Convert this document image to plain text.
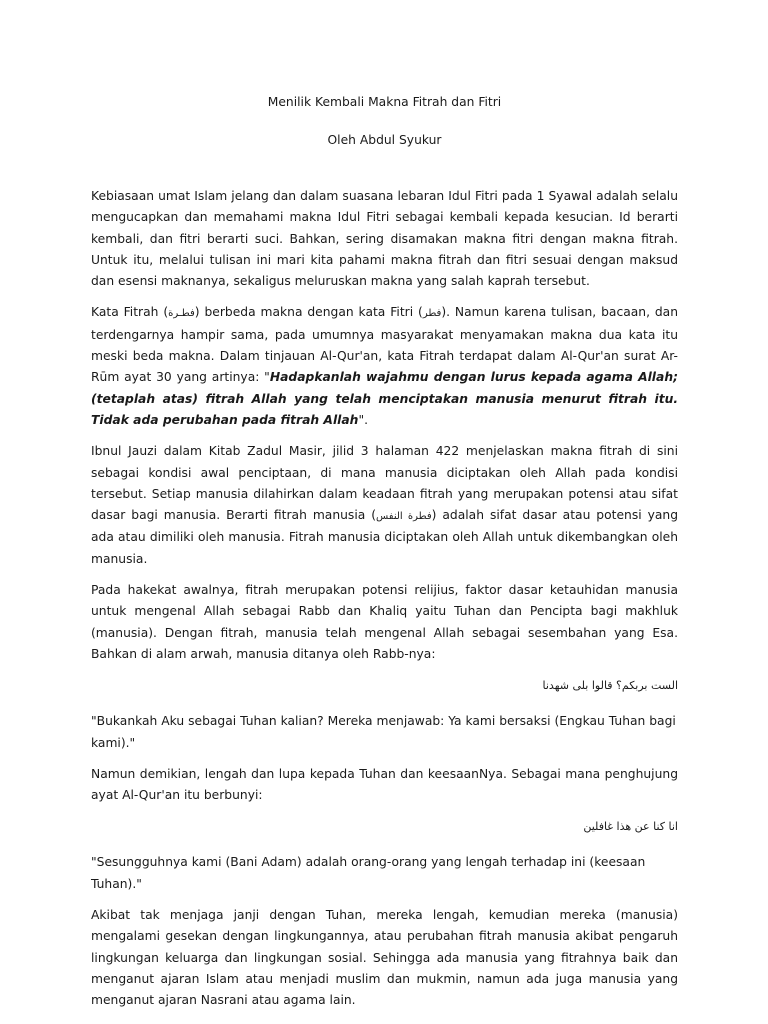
Menilik Kembali Makna Fitrah dan Fitri
Oleh Abdul Syukur

Kebiasaan umat Islam jelang dan dalam suasana lebaran Idul Fitri pada 1 Syawal adalah selalu mengucapkan dan memahami makna Idul Fitri sebagai kembali kepada kesucian. Id berarti kembali, dan fitri berarti suci. Bahkan, sering disamakan makna fitri dengan makna fitrah. Untuk itu, melalui tulisan ini mari kita pahami makna fitrah dan fitri sesuai dengan maksud dan esensi maknanya, sekaligus meluruskan makna yang salah kaprah tersebut.

Kata Fitrah (فطـرة) berbeda makna dengan kata Fitri (فطر). Namun karena tulisan, bacaan, dan terdengarnya hampir sama, pada umumnya masyarakat menyamakan makna dua kata itu meski beda makna. Dalam tinjauan Al-Qur'an, kata Fitrah terdapat dalam Al-Qur'an surat Ar-Rūm ayat 30 yang artinya: "Hadapkanlah wajahmu dengan lurus kepada agama Allah; (tetaplah atas) fitrah Allah yang telah menciptakan manusia menurut fitrah itu. Tidak ada perubahan pada fitrah Allah".

Ibnul Jauzi dalam Kitab Zadul Masir, jilid 3 halaman 422 menjelaskan makna fitrah di sini sebagai kondisi awal penciptaan, di mana manusia diciptakan oleh Allah pada kondisi tersebut. Setiap manusia dilahirkan dalam keadaan fitrah yang merupakan potensi atau sifat dasar bagi manusia. Berarti fitrah manusia (فطرة النفس) adalah sifat dasar atau potensi yang ada atau dimiliki oleh manusia. Fitrah manusia diciptakan oleh Allah untuk dikembangkan oleh manusia.

Pada hakekat awalnya, fitrah merupakan potensi relijius, faktor dasar ketauhidan manusia untuk mengenal Allah sebagai Rabb dan Khaliq yaitu Tuhan dan Pencipta bagi makhluk (manusia). Dengan fitrah, manusia telah mengenal Allah sebagai sesembahan yang Esa. Bahkan di alam arwah, manusia ditanya oleh Rabb-nya:

الست بربكم؟ قالوا بلى شهدنا

"Bukankah Aku sebagai Tuhan kalian? Mereka menjawab: Ya kami bersaksi (Engkau Tuhan bagi kami)."

Namun demikian, lengah dan lupa kepada Tuhan dan keesaanNya. Sebagai mana penghujung ayat Al-Qur'an itu berbunyi:

انا كنا عن هذا غافلين

"Sesungguhnya kami (Bani Adam) adalah orang-orang yang lengah terhadap ini (keesaan Tuhan)."

Akibat tak menjaga janji dengan Tuhan, mereka lengah, kemudian mereka (manusia) mengalami gesekan dengan lingkungannya, atau perubahan fitrah manusia akibat pengaruh lingkungan keluarga dan lingkungan sosial. Sehingga ada manusia yang fitrahnya baik dan menganut ajaran Islam atau menjadi muslim dan mukmin, namun ada juga manusia yang menganut ajaran Nasrani atau agama lain.
